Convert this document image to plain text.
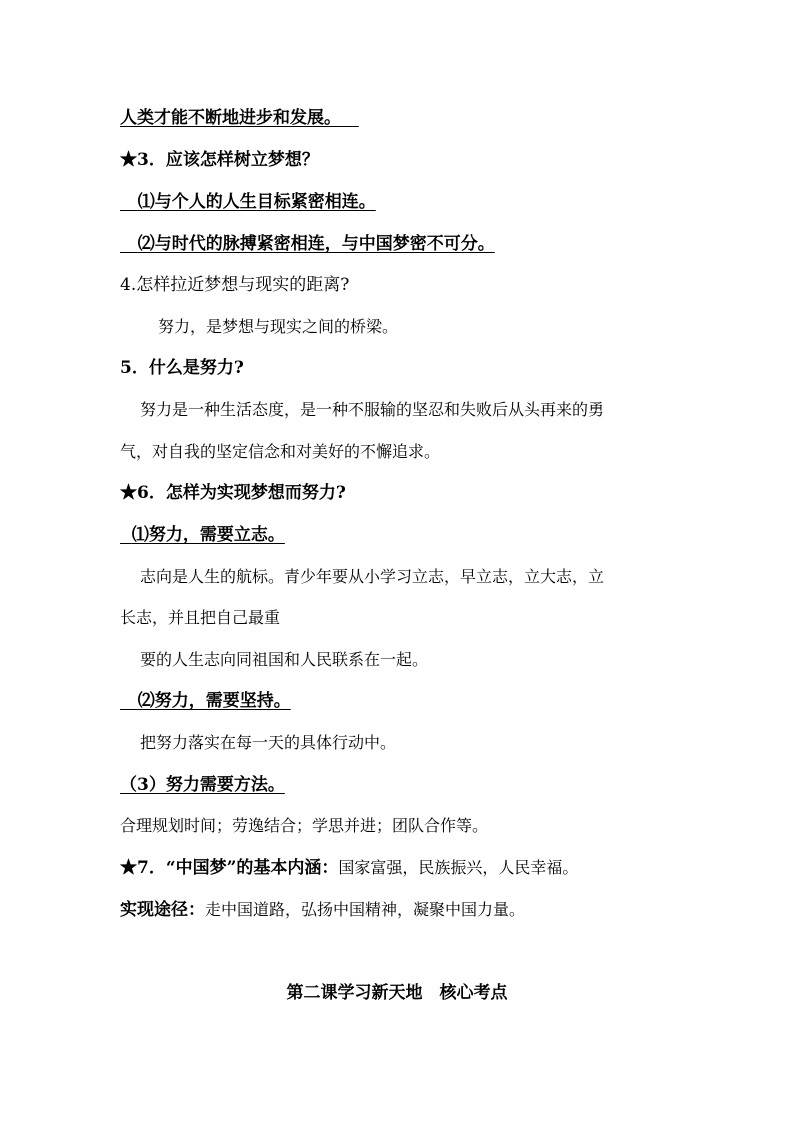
人类才能不断地进步和发展。
★3．应该怎样树立梦想？
⑴与个人的人生目标紧密相连。
⑵与时代的脉搏紧密相连，与中国梦密不可分。
4.怎样拉近梦想与现实的距离?
努力，是梦想与现实之间的桥梁。
5．什么是努力?
努力是一种生活态度，是一种不服输的坚忍和失败后从头再来的勇
气，对自我的坚定信念和对美好的不懈追求。
★6．怎样为实现梦想而努力?
⑴努力，需要立志。
志向是人生的航标。青少年要从小学习立志，早立志，立大志，立
长志，并且把自己最重
要的人生志向同祖国和人民联系在一起。
⑵努力，需要坚持。
把努力落实在每一天的具体行动中。
（3）努力需要方法。
合理规划时间；劳逸结合；学思并进；团队合作等。
★7．“中国梦”的基本内涵：国家富强，民族振兴，人民幸福。
实现途径：走中国道路，弘扬中国精神，凝聚中国力量。
第二课学习新天地　核心考点
